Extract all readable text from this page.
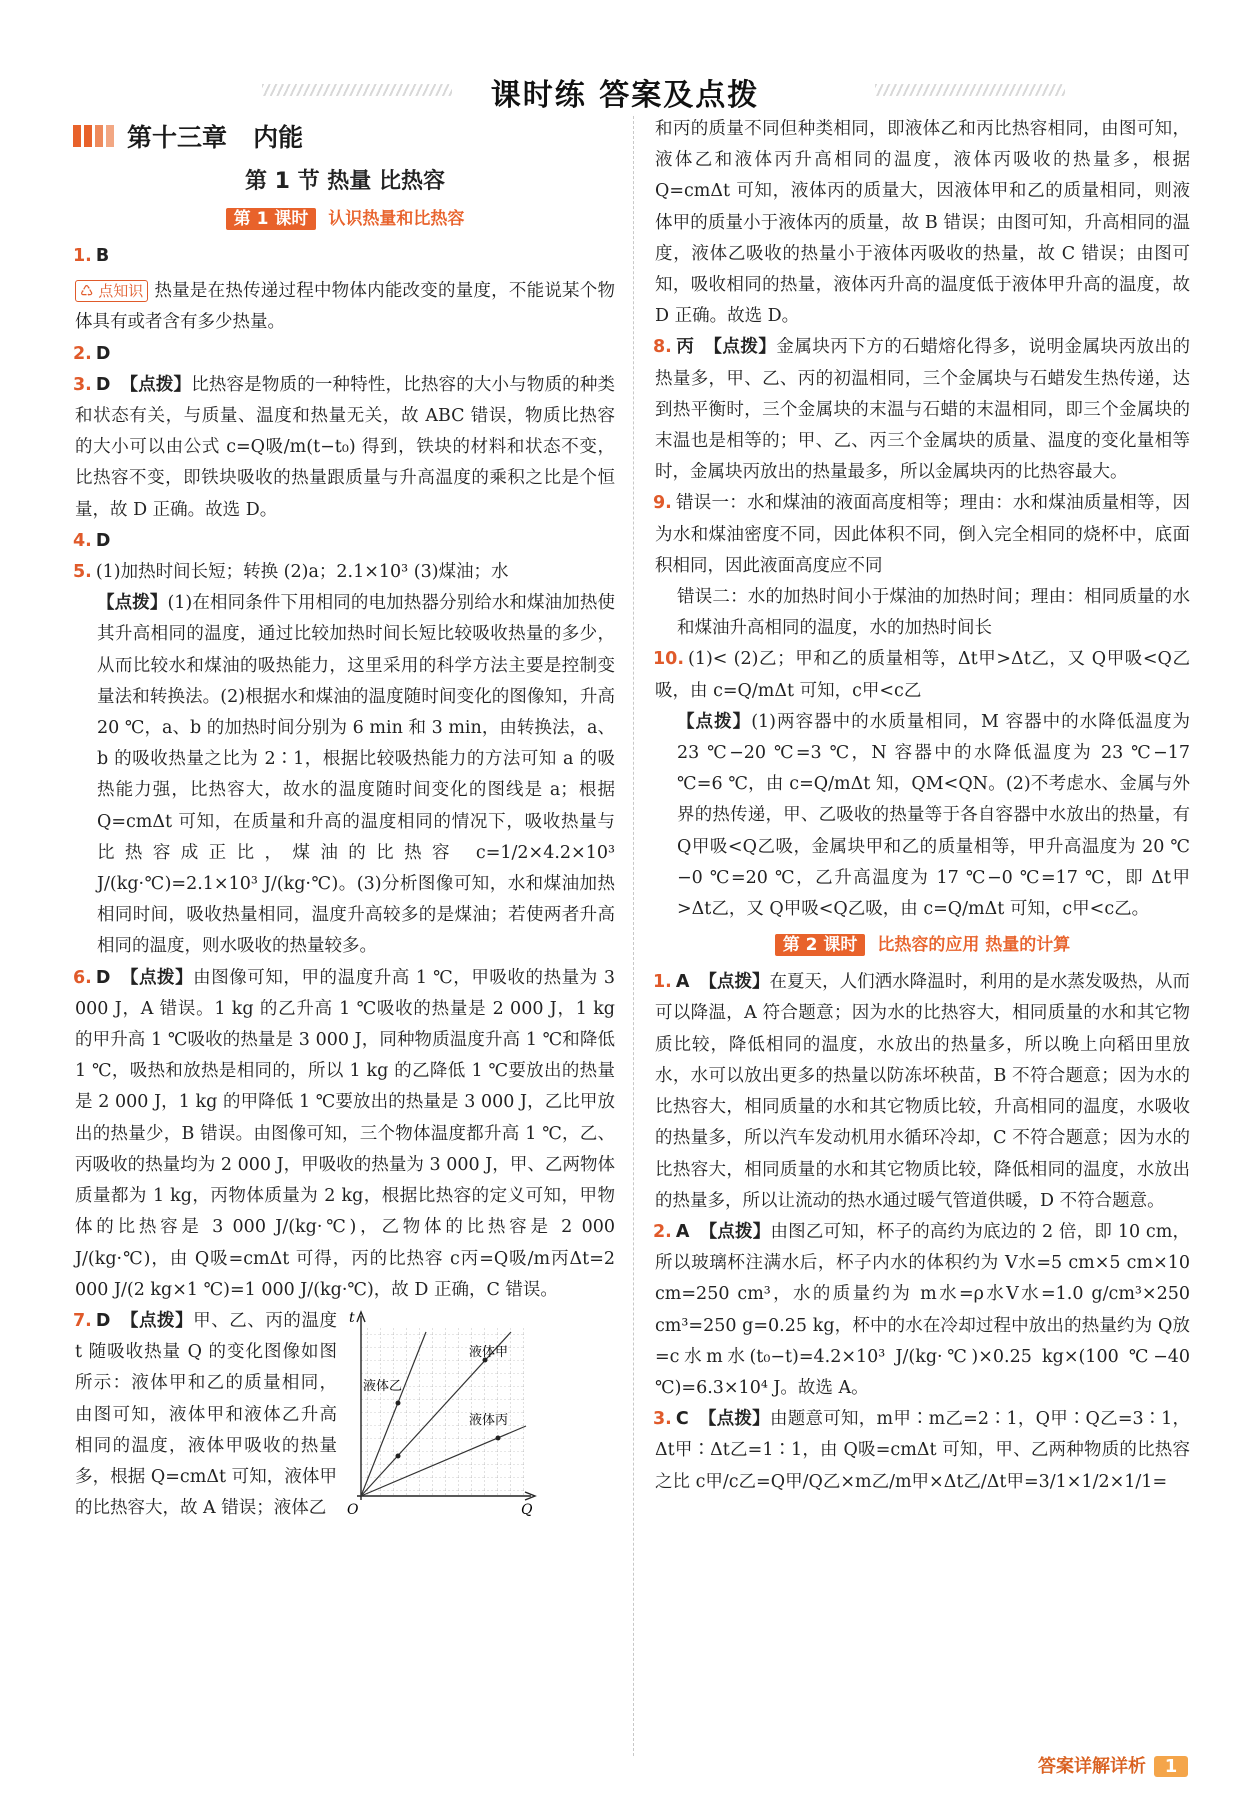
课时练 答案及点拨
第十三章 内能
第 1 节 热量 比热容
第 1 课时 认识热量和比热容

1. B

♺ 点知识 热量是在热传递过程中物体内能改变的量度，不能说某个物体具有或者含有多少热量。

2. D

3. D 【点拨】比热容是物质的一种特性，比热容的大小与物质的种类和状态有关，与质量、温度和热量无关，故 ABC 错误，物质比热容的大小可以由公式 c=Q吸/m(t−t₀) 得到，铁块的材料和状态不变，比热容不变，即铁块吸收的热量跟质量与升高温度的乘积之比是个恒量，故 D 正确。故选 D。

4. D

5. (1)加热时间长短；转换 (2)a；2.1×10³ (3)煤油；水

【点拨】(1)在相同条件下用相同的电加热器分别给水和煤油加热使其升高相同的温度，通过比较加热时间长短比较吸收热量的多少，从而比较水和煤油的吸热能力，这里采用的科学方法主要是控制变量法和转换法。(2)根据水和煤油的温度随时间变化的图像知，升高 20 ℃，a、b 的加热时间分别为 6 min 和 3 min，由转换法，a、b 的吸收热量之比为 2∶1，根据比较吸热能力的方法可知 a 的吸热能力强，比热容大，故水的温度随时间变化的图线是 a；根据 Q=cmΔt 可知，在质量和升高的温度相同的情况下，吸收热量与比热容成正比，煤油的比热容 c=1/2×4.2×10³ J/(kg·℃)=2.1×10³ J/(kg·℃)。(3)分析图像可知，水和煤油加热相同时间，吸收热量相同，温度升高较多的是煤油；若使两者升高相同的温度，则水吸收的热量较多。

6. D 【点拨】由图像可知，甲的温度升高 1 ℃，甲吸收的热量为 3 000 J，A 错误。1 kg 的乙升高 1 ℃吸收的热量是 2 000 J，1 kg 的甲升高 1 ℃吸收的热量是 3 000 J，同种物质温度升高 1 ℃和降低 1 ℃，吸热和放热是相同的，所以 1 kg 的乙降低 1 ℃要放出的热量是 2 000 J，1 kg 的甲降低 1 ℃要放出的热量是 3 000 J，乙比甲放出的热量少，B 错误。由图像可知，三个物体温度都升高 1 ℃，乙、丙吸收的热量均为 2 000 J，甲吸收的热量为 3 000 J，甲、乙两物体质量都为 1 kg，丙物体质量为 2 kg，根据比热容的定义可知，甲物体的比热容是 3 000 J/(kg·℃)，乙物体的比热容是 2 000 J/(kg·℃)，由 Q吸=cmΔt 可得，丙的比热容 c丙=Q吸/m丙Δt=2 000 J/(2 kg×1 ℃)=1 000 J/(kg·℃)，故 D 正确，C 错误。

7. D 【点拨】甲、乙、丙的温度 t 随吸收热量 Q 的变化图像如图所示：液体甲和乙的质量相同，由图可知，液体甲和液体乙升高相同的温度，液体甲吸收的热量多，根据 Q=cmΔt 可知，液体甲的比热容大，故 A 错误；液体乙
t
Q
O
液体甲
液体乙
液体丙

和丙的质量不同但种类相同，即液体乙和丙比热容相同，由图可知，液体乙和液体丙升高相同的温度，液体丙吸收的热量多，根据 Q=cmΔt 可知，液体丙的质量大，因液体甲和乙的质量相同，则液体甲的质量小于液体丙的质量，故 B 错误；由图可知，升高相同的温度，液体乙吸收的热量小于液体丙吸收的热量，故 C 错误；由图可知，吸收相同的热量，液体丙升高的温度低于液体甲升高的温度，故 D 正确。故选 D。

8. 丙 【点拨】金属块丙下方的石蜡熔化得多，说明金属块丙放出的热量多，甲、乙、丙的初温相同，三个金属块与石蜡发生热传递，达到热平衡时，三个金属块的末温与石蜡的末温相同，即三个金属块的末温也是相等的；甲、乙、丙三个金属块的质量、温度的变化量相等时，金属块丙放出的热量最多，所以金属块丙的比热容最大。

9. 错误一：水和煤油的液面高度相等；理由：水和煤油质量相等，因为水和煤油密度不同，因此体积不同，倒入完全相同的烧杯中，底面积相同，因此液面高度应不同

错误二：水的加热时间小于煤油的加热时间；理由：相同质量的水和煤油升高相同的温度，水的加热时间长

10. (1)< (2)乙；甲和乙的质量相等，Δt甲>Δt乙，又 Q甲吸<Q乙吸，由 c=Q/mΔt 可知，c甲<c乙

【点拨】(1)两容器中的水质量相同，M 容器中的水降低温度为 23 ℃−20 ℃=3 ℃，N 容器中的水降低温度为 23 ℃−17 ℃=6 ℃，由 c=Q/mΔt 知，QM<QN。(2)不考虑水、金属与外界的热传递，甲、乙吸收的热量等于各自容器中水放出的热量，有 Q甲吸<Q乙吸，金属块甲和乙的质量相等，甲升高温度为 20 ℃−0 ℃=20 ℃，乙升高温度为 17 ℃−0 ℃=17 ℃，即 Δt甲>Δt乙，又 Q甲吸<Q乙吸，由 c=Q/mΔt 可知，c甲<c乙。

第 2 课时 比热容的应用 热量的计算

1. A 【点拨】在夏天，人们洒水降温时，利用的是水蒸发吸热，从而可以降温，A 符合题意；因为水的比热容大，相同质量的水和其它物质比较，降低相同的温度，水放出的热量多，所以晚上向稻田里放水，水可以放出更多的热量以防冻坏秧苗，B 不符合题意；因为水的比热容大，相同质量的水和其它物质比较，升高相同的温度，水吸收的热量多，所以汽车发动机用水循环冷却，C 不符合题意；因为水的比热容大，相同质量的水和其它物质比较，降低相同的温度，水放出的热量多，所以让流动的热水通过暖气管道供暖，D 不符合题意。

2. A 【点拨】由图乙可知，杯子的高约为底边的 2 倍，即 10 cm，所以玻璃杯注满水后，杯子内水的体积约为 V水=5 cm×5 cm×10 cm=250 cm³，水的质量约为 m水=ρ水V水=1.0 g/cm³×250 cm³=250 g=0.25 kg，杯中的水在冷却过程中放出的热量约为 Q放=c水m水(t₀−t)=4.2×10³ J/(kg·℃)×0.25 kg×(100 ℃−40 ℃)=6.3×10⁴ J。故选 A。

3. C 【点拨】由题意可知，m甲∶m乙=2∶1，Q甲∶Q乙=3∶1，Δt甲∶Δt乙=1∶1，由 Q吸=cmΔt 可知，甲、乙两种物质的比热容之比 c甲/c乙=Q甲/Q乙×m乙/m甲×Δt乙/Δt甲=3/1×1/2×1/1=

答案详解详析 1
